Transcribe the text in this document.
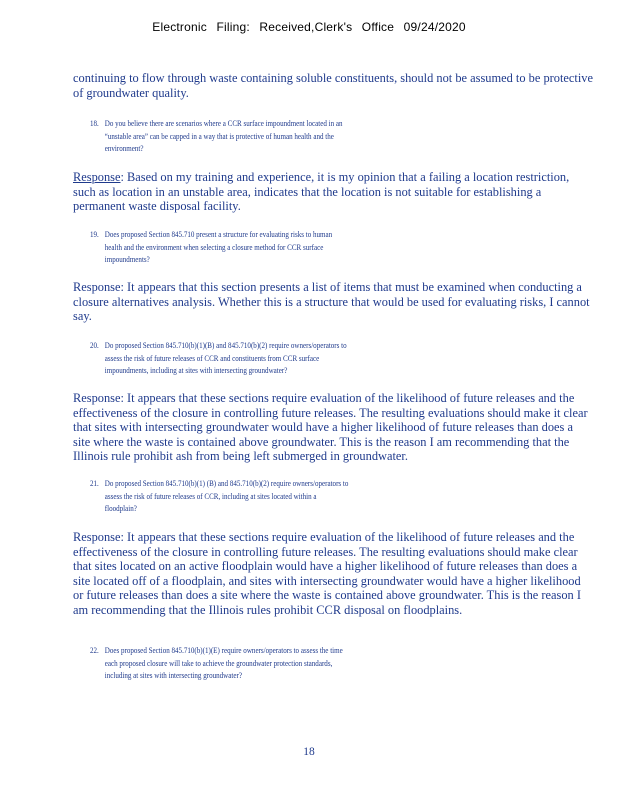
Electronic Filing: Received,Clerk's Office 09/24/2020

continuing to flow through waste containing soluble constituents, should not be assumed to be protective of groundwater quality.

18. Do you believe there are scenarios where a CCR surface impoundment located in an
“unstable area” can be capped in a way that is protective of human health and the
environment?

Response: Based on my training and experience, it is my opinion that a failing a location restriction, such as location in an unstable area, indicates that the location is not suitable for establishing a permanent waste disposal facility.

19. Does proposed Section 845.710 present a structure for evaluating risks to human
health and the environment when selecting a closure method for CCR surface
impoundments?

Response: It appears that this section presents a list of items that must be examined when conducting a closure alternatives analysis. Whether this is a structure that would be used for evaluating risks, I cannot say.

20. Do proposed Section 845.710(b)(1)(B) and 845.710(b)(2) require owners/operators to
assess the risk of future releases of CCR and constituents from CCR surface
impoundments, including at sites with intersecting groundwater?

Response: It appears that these sections require evaluation of the likelihood of future releases and the effectiveness of the closure in controlling future releases. The resulting evaluations should make it clear that sites with intersecting groundwater would have a higher likelihood of future releases than does a site where the waste is contained above groundwater. This is the reason I am recommending that the Illinois rule prohibit ash from being left submerged in groundwater.

21. Do proposed Section 845.710(b)(1) (B) and 845.710(b)(2) require owners/operators to
assess the risk of future releases of CCR, including at sites located within a
floodplain?

Response: It appears that these sections require evaluation of the likelihood of future releases and the effectiveness of the closure in controlling future releases. The resulting evaluations should make clear that sites located on an active floodplain would have a higher likelihood of future releases than does a site located off of a floodplain, and sites with intersecting groundwater would have a higher likelihood or future releases than does a site where the waste is contained above groundwater. This is the reason I am recommending that the Illinois rules prohibit CCR disposal on floodplains.

22. Does proposed Section 845.710(b)(1)(E) require owners/operators to assess the time
each proposed closure will take to achieve the groundwater protection standards,
including at sites with intersecting groundwater?
18
